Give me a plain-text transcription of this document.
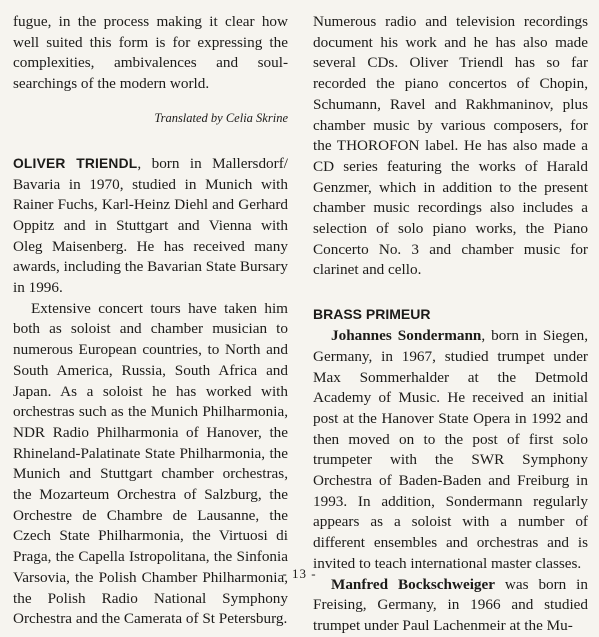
fugue, in the process making it clear how well suited this form is for expressing the complexities, ambivalences and soul-searchings of the modern world.

Translated by Celia Skrine

OLIVER TRIENDL, born in Mallersdorf/ Bavaria in 1970, studied in Munich with Rainer Fuchs, Karl-Heinz Diehl and Gerhard Oppitz and in Stuttgart and Vienna with Oleg Maisenberg. He has received many awards, including the Bavarian State Bursary in 1996.

Extensive concert tours have taken him both as soloist and chamber musician to numerous European countries, to North and South America, Russia, South Africa and Japan. As a soloist he has worked with orchestras such as the Munich Philharmonia, NDR Radio Philharmonia of Hanover, the Rhineland-Palatinate State Philharmonia, the Munich and Stuttgart chamber orchestras, the Mozarteum Orchestra of Salzburg, the Orchestre de Chambre de Lausanne, the Czech State Philharmonia, the Virtuosi di Praga, the Capella Istropolitana, the Sinfonia Varsovia, the Polish Chamber Philharmonia, the Polish Radio National Symphony Orchestra and the Camerata of St Petersburg.

Numerous radio and television recordings document his work and he has also made several CDs. Oliver Triendl has so far recorded the piano concertos of Chopin, Schumann, Ravel and Rakhmaninov, plus chamber music by various composers, for the THOROFON label. He has also made a CD series featuring the works of Harald Genzmer, which in addition to the present chamber music recordings also includes a selection of solo piano works, the Piano Concerto No. 3 and chamber music for clarinet and cello.

BRASS PRIMEUR

Johannes Sondermann, born in Siegen, Germany, in 1967, studied trumpet under Max Sommerhalder at the Detmold Academy of Music. He received an initial post at the Hanover State Opera in 1992 and then moved on to the post of first solo trumpeter with the SWR Symphony Orchestra of Baden-Baden and Freiburg in 1993. In addition, Sondermann regularly appears as a soloist with a number of different ensembles and orchestras and is invited to teach international master classes.

Manfred Bockschweiger was born in Freising, Germany, in 1966 and studied trumpet under Paul Lachenmeir at the Mu-

- 13 -
